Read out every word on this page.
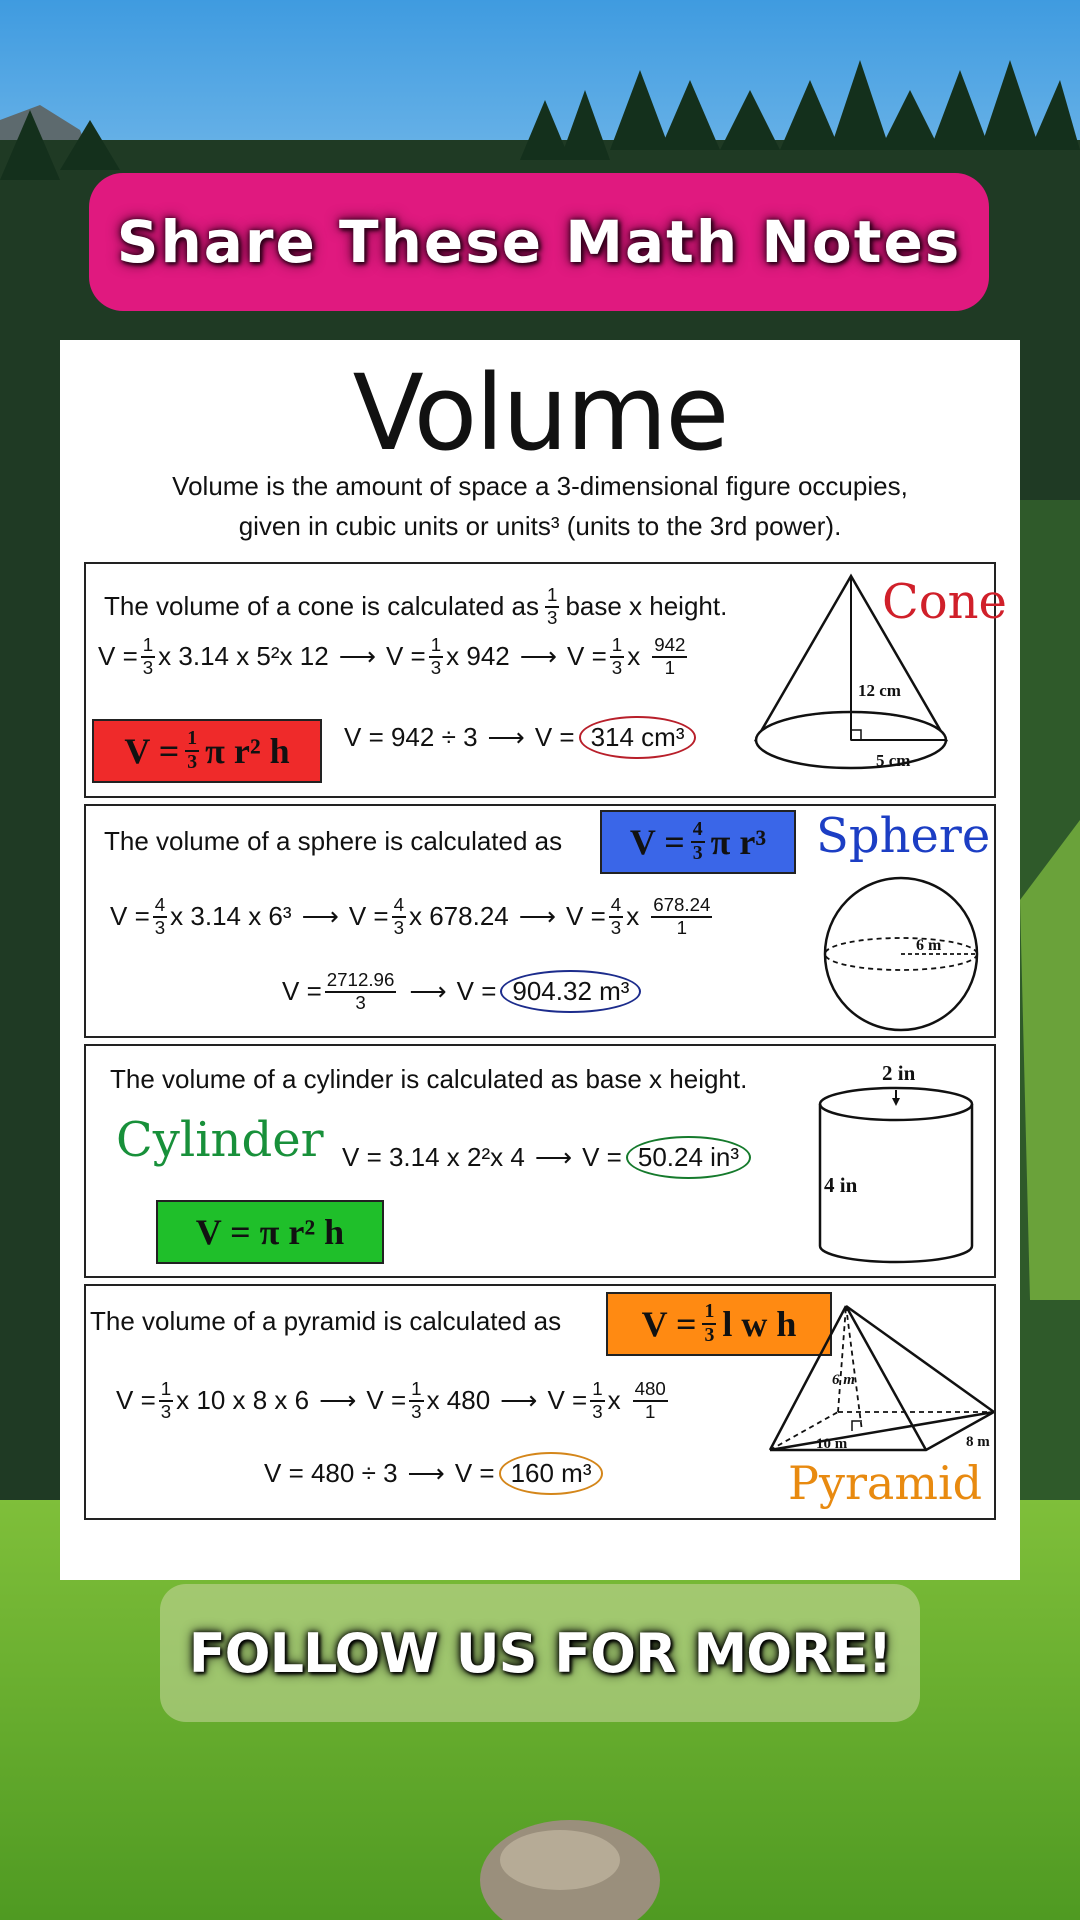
Share These Math Notes
Volume
Volume is the amount of space a 3-dimensional figure occupies,
given in cubic units or units³ (units to the 3rd power).
The volume of a cone is calculated as $\frac{1}{3}$ base x height.
$V = \frac{1}{3}$ x 3.14 x 5²x 12 ⟶ $V = \frac{1}{3}$ x 942 ⟶ $V = \frac{1}{3}$ x $\frac{942}{1}$
$V = \frac{1}{3}$ π r² h V = 942 ÷ 3 ⟶ V = 314 cm³
12 cm
5 cm
Cone
The volume of a sphere is calculated as $V = \frac{4}{3}$ π r³ Sphere
$V = \frac{4}{3}$ x 3.14 x 6³ ⟶ $V = \frac{4}{3}$ x 678.24 ⟶ $V = \frac{4}{3}$ x $\frac{678.24}{1}$
$V = \frac{2712.96}{3}$ ⟶ V = 904.32 m³
6 m
The volume of a cylinder is calculated as base x height.
Cylinder V = 3.14 x 2²x 4 ⟶ V = 50.24 in³
V = π r² h
2 in
4 in
The volume of a pyramid is calculated as $V = \frac{1}{3}$ l w h
$V = \frac{1}{3}$ x 10 x 8 x 6 ⟶ $V = \frac{1}{3}$ x 480 ⟶ $V = \frac{1}{3}$ x $\frac{480}{1}$
V = 480 ÷ 3 ⟶ V = 160 m³
6 m
10 m	8 m
Pyramid
FOLLOW US FOR MORE!
